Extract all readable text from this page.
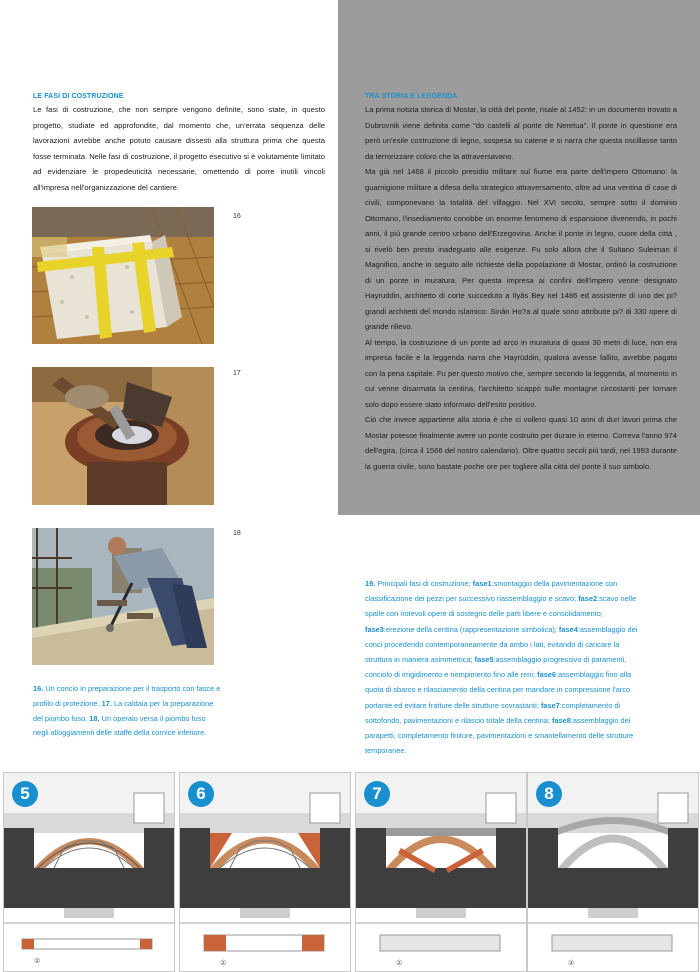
LE FASI DI COSTRUZIONE
Le fasi di costruzione, che non sempre vengono definite, sono state, in questo progetto, studiate ed approfondite, dal momento che, un'errata sequenza delle lavorazioni avrebbe anche potuto causare dissesti alla struttura prima che questa fosse terminata. Nelle fasi di costruzione, il progetto esecutivo si è volutamente limitato ad evidenziare le propedeuticità necessarie, omettendo di porre inutili vincoli all'impresa nell'organizzazione del cantiere.
TRA STORIA E LEGGENDA

La prima notizia storica di Mostar, la città del ponte, risale al 1452: in un documento trovato a Dubrovnik viene definita come "do castelli al ponte de Neretua". Il ponte in questione era però un'esile costruzione di legno, sospesa su catene e si narra che questa oscillasse tanto da terrorizzare coloro che la attraversavano.

Ma già nel 1468 il piccolo presidio militare sul fiume era parte dell'impero Ottomano: la guarnigione militare a difesa dello strategico attraversamento, oltre ad una ventina di case di civili, componevano la totalità del villaggio. Nel XVI secolo, sempre sotto il dominio Ottomano, l'insediamento conobbe un enorme fenomeno di espansione divenendo, in pochi anni, il più grande centro urbano dell'Erzegovina. Anche il ponte in legno, cuore della città , si rivelò ben presto inadeguato alle esigenze. Fu solo allora che il Sultano Suleiman il Magnifico, anche in seguito alle richieste della popolazione di Mostar, ordinò la costruzione di un ponte in muratura. Per questa impresa ai confini dell'impero venne designato Hayruddin, architetto di corte succeduto a Ilyâs Bey nel 1486 ed assistente di uno dei pi? grandi architetti del mondo islamico: Sinân Ho?a al quale sono attribuite pi? di 330 opere di grande rilievo.

Al tempo, la costruzione di un ponte ad arco in muratura di quasi 30 metri di luce, non era impresa facile e la leggenda narra che Hayrüddin, qualora avesse fallito, avrebbe pagato con la pena capitale. Fu per questo motivo che, sempre secondo la leggenda, al momento in cui venne disarmata la centina, l'architetto scappò sulle montagne circostanti per tornare solo dopo essere stato informato dell'esito positivo.

Ciò che invece appartiene alla storia è che ci vollero quasi 10 anni di duri lavori prima che Mostar potesse finalmente avere un ponte costruito per durare in eterno. Correva l'anno 974 dell'egira, (circa il 1566 del nostro calendario). Oltre quattro secoli più tardi, nel 1993 durante la guerra civile, sono bastate poche ore per togliere alla città del ponte il suo simbolo.

16
17
18
16. Un concio in preparazione per il trasporto con fasce e profilo di protezione. 17. La caldaia per la preparazione del piombo fuso. 18. Un operaio versa il piombo fuso negli alloggiamenti delle staffe della cornice inferiore.
19. Principali fasi di costruzione; fase1:smontaggio della pavimentazione con classificazione dei pezzi per successivo riassemblaggio e scavo; fase2:scavo nelle spalle con notevoli opere di sostegno delle parti libere e consolidamento; fase3:erezione della centina (rappresentazione simbolica); fase4:assemblaggio dei conci procedendo contemporaneamente da ambo i lati, evitando di caricare la struttura in maniera asimmetrica; fase5:assemblaggio progressivo di paramenti, conciolo di irrigidimento e riempimento fino alle reni; fase6:assemblaggio fino alla quota di sbarco e rilasciamento della centina per mandare in compressione l'arco portante ed evitare fratture delle strutture sovrastanti; fase7:completamento di sottofondo, pavimentazioni e rilascio totale della centina; fase8:assemblaggio dei parapetti, completamento finiture, pavimentazioni e smantellamento delle strutture temporanee.
②
5
②
6
②
7
②
8
